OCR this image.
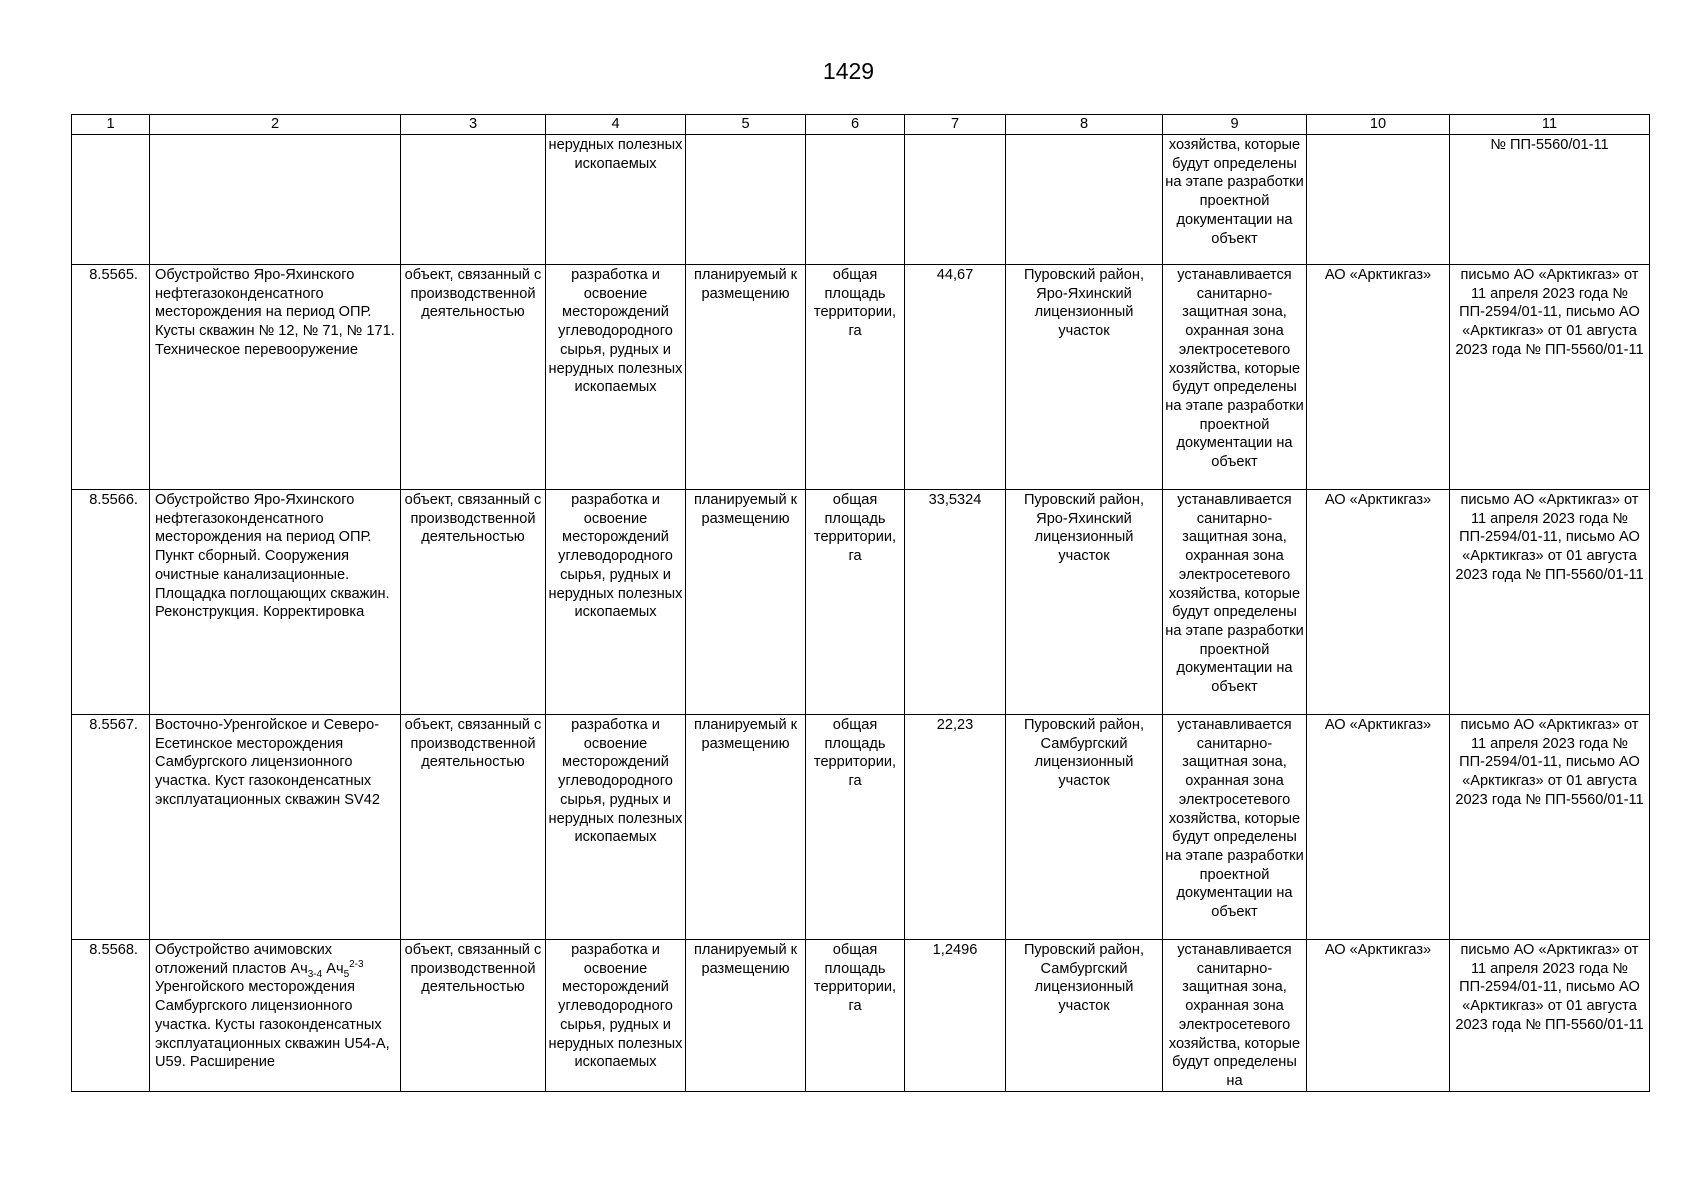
1429
1	2	3	4	5	6	7	8	9	10	11
			нерудных полезных ископаемых					хозяйства, которые будут определены на этапе разработки проектной документации на объект		№ ПП-5560/01-11
8.5565.	Обустройство Яро-Яхинского нефтегазоконденсатного месторождения на период ОПР. Кусты скважин № 12, № 71, № 171. Техническое перевооружение	объект, связанный с производственной деятельностью	разработка и освоение месторождений углеводородного сырья, рудных и нерудных полезных ископаемых	планируемый к размещению	общая площадь территории, га	44,67	Пуровский район, Яро-Яхинский лицензионный участок	устанавливается санитарно-защитная зона, охранная зона электросетевого хозяйства, которые будут определены на этапе разработки проектной документации на объект	АО «Арктикгаз»	письмо АО «Арктикгаз» от 11 апреля 2023 года № ПП-2594/01-11, письмо АО «Арктикгаз» от 01 августа 2023 года № ПП-5560/01-11
8.5566.	Обустройство Яро-Яхинского нефтегазоконденсатного месторождения на период ОПР. Пункт сборный. Сооружения очистные канализационные. Площадка поглощающих скважин. Реконструкция. Корректировка	объект, связанный с производственной деятельностью	разработка и освоение месторождений углеводородного сырья, рудных и нерудных полезных ископаемых	планируемый к размещению	общая площадь территории, га	33,5324	Пуровский район, Яро-Яхинский лицензионный участок	устанавливается санитарно-защитная зона, охранная зона электросетевого хозяйства, которые будут определены на этапе разработки проектной документации на объект	АО «Арктикгаз»	письмо АО «Арктикгаз» от 11 апреля 2023 года № ПП-2594/01-11, письмо АО «Арктикгаз» от 01 августа 2023 года № ПП-5560/01-11
8.5567.	Восточно-Уренгойское и Северо-Есетинское месторождения Самбургского лицензионного участка. Куст газоконденсатных эксплуатационных скважин SV42	объект, связанный с производственной деятельностью	разработка и освоение месторождений углеводородного сырья, рудных и нерудных полезных ископаемых	планируемый к размещению	общая площадь территории, га	22,23	Пуровский район, Самбургский лицензионный участок	устанавливается санитарно-защитная зона, охранная зона электросетевого хозяйства, которые будут определены на этапе разработки проектной документации на объект	АО «Арктикгаз»	письмо АО «Арктикгаз» от 11 апреля 2023 года № ПП-2594/01-11, письмо АО «Арктикгаз» от 01 августа 2023 года № ПП-5560/01-11
8.5568.	Обустройство ачимовских отложений пластов $Ач_{3-4}$ $Ач_5^{2-3}$ Уренгойского месторождения Самбургского лицензионного участка. Кусты газоконденсатных эксплуатационных скважин U54-A, U59. Расширение	объект, связанный с производственной деятельностью	разработка и освоение месторождений углеводородного сырья, рудных и нерудных полезных ископаемых	планируемый к размещению	общая площадь территории, га	1,2496	Пуровский район, Самбургский лицензионный участок	устанавливается санитарно-защитная зона, охранная зона электросетевого хозяйства, которые будут определены на	АО «Арктикгаз»	письмо АО «Арктикгаз» от 11 апреля 2023 года № ПП-2594/01-11, письмо АО «Арктикгаз» от 01 августа 2023 года № ПП-5560/01-11
